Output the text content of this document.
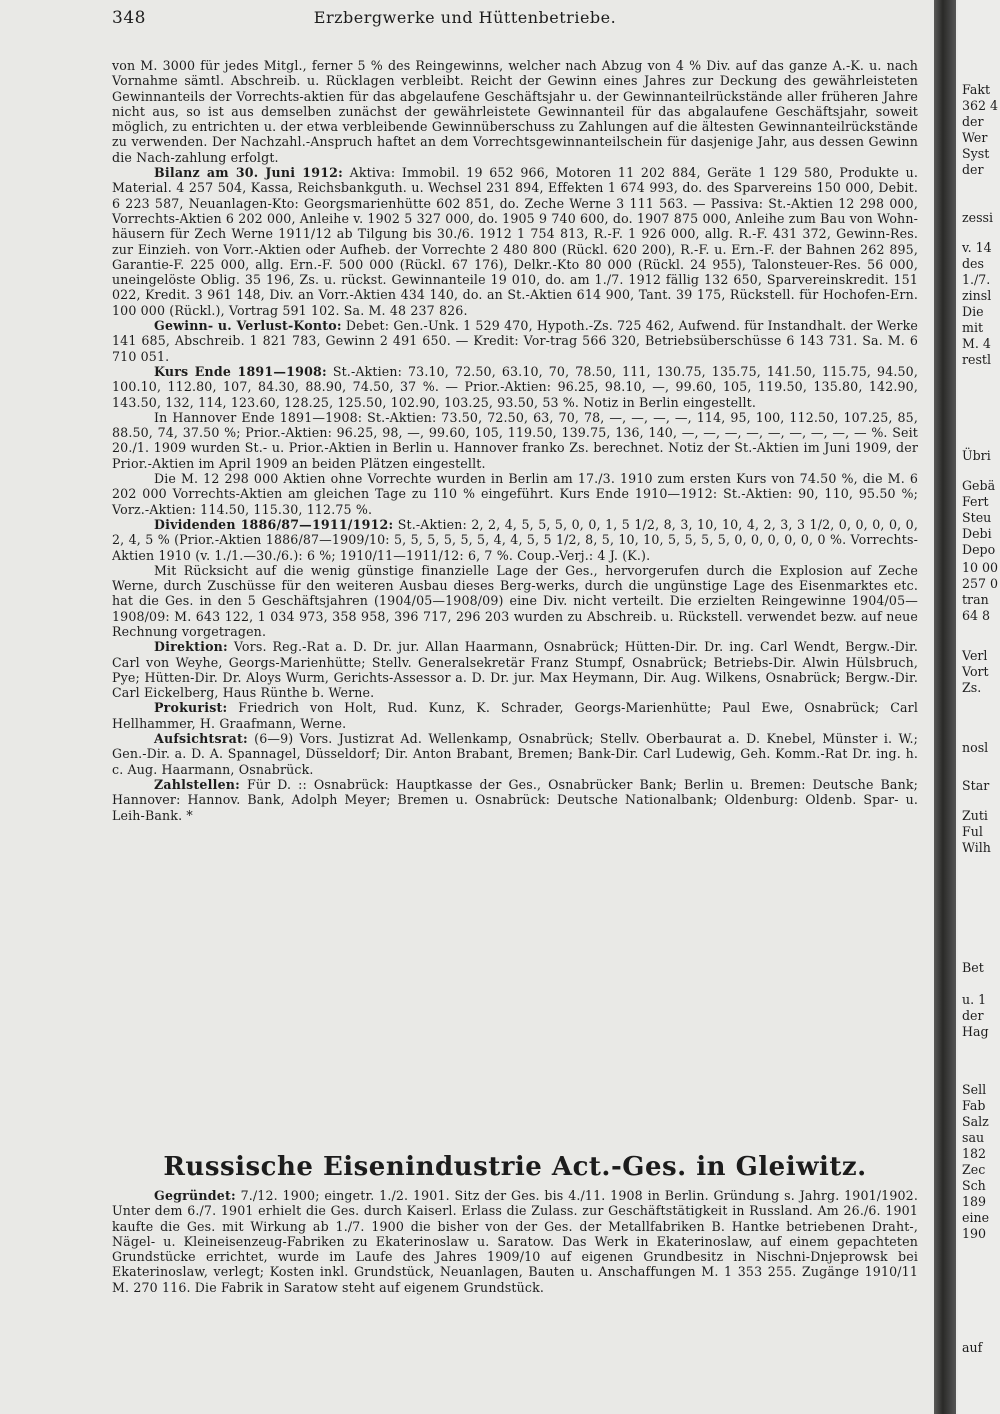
348	Erzbergwerke und Hüttenbetriebe.

von M. 3000 für jedes Mitgl., ferner 5 % des Reingewinns, welcher nach Abzug von 4 % Div. auf das ganze A.-K. u. nach Vornahme sämtl. Abschreib. u. Rücklagen verbleibt. Reicht der Gewinn eines Jahres zur Deckung des gewährleisteten Gewinnanteils der Vorrechts-aktien für das abgelaufene Geschäftsjahr u. der Gewinnanteilrückstände aller früheren Jahre nicht aus, so ist aus demselben zunächst der gewährleistete Gewinnanteil für das abgalaufene Geschäftsjahr, soweit möglich, zu entrichten u. der etwa verbleibende Gewinnüberschuss zu Zahlungen auf die ältesten Gewinnanteilrückstände zu verwenden. Der Nachzahl.-Anspruch haftet an dem Vorrechtsgewinnanteilschein für dasjenige Jahr, aus dessen Gewinn die Nach-zahlung erfolgt.

Bilanz am 30. Juni 1912: Aktiva: Immobil. 19 652 966, Motoren 11 202 884, Geräte 1 129 580, Produkte u. Material. 4 257 504, Kassa, Reichsbankguth. u. Wechsel 231 894, Effekten 1 674 993, do. des Sparvereins 150 000, Debit. 6 223 587, Neuanlagen-Kto: Georgsmarienhütte 602 851, do. Zeche Werne 3 111 563. — Passiva: St.-Aktien 12 298 000, Vorrechts-Aktien 6 202 000, Anleihe v. 1902 5 327 000, do. 1905 9 740 600, do. 1907 875 000, Anleihe zum Bau von Wohn-häusern für Zech Werne 1911/12 ab Tilgung bis 30./6. 1912 1 754 813, R.-F. 1 926 000, allg. R.-F. 431 372, Gewinn-Res. zur Einzieh. von Vorr.-Aktien oder Aufheb. der Vorrechte 2 480 800 (Rückl. 620 200), R.-F. u. Ern.-F. der Bahnen 262 895, Garantie-F. 225 000, allg. Ern.-F. 500 000 (Rückl. 67 176), Delkr.-Kto 80 000 (Rückl. 24 955), Talonsteuer-Res. 56 000, uneingelöste Oblig. 35 196, Zs. u. rückst. Gewinnanteile 19 010, do. am 1./7. 1912 fällig 132 650, Sparvereinskredit. 151 022, Kredit. 3 961 148, Div. an Vorr.-Aktien 434 140, do. an St.-Aktien 614 900, Tant. 39 175, Rückstell. für Hochofen-Ern. 100 000 (Rückl.), Vortrag 591 102. Sa. M. 48 237 826.

Gewinn- u. Verlust-Konto: Debet: Gen.-Unk. 1 529 470, Hypoth.-Zs. 725 462, Aufwend. für Instandhalt. der Werke 141 685, Abschreib. 1 821 783, Gewinn 2 491 650. — Kredit: Vor-trag 566 320, Betriebsüberschüsse 6 143 731. Sa. M. 6 710 051.

Kurs Ende 1891—1908: St.-Aktien: 73.10, 72.50, 63.10, 70, 78.50, 111, 130.75, 135.75, 141.50, 115.75, 94.50, 100.10, 112.80, 107, 84.30, 88.90, 74.50, 37 %. — Prior.-Aktien: 96.25, 98.10, —, 99.60, 105, 119.50, 135.80, 142.90, 143.50, 132, 114, 123.60, 128.25, 125.50, 102.90, 103.25, 93.50, 53 %. Notiz in Berlin eingestellt.

In Hannover Ende 1891—1908: St.-Aktien: 73.50, 72.50, 63, 70, 78, —, —, —, —, 114, 95, 100, 112.50, 107.25, 85, 88.50, 74, 37.50 %; Prior.-Aktien: 96.25, 98, —, 99.60, 105, 119.50, 139.75, 136, 140, —, —, —, —, —, —, —, —, — %. Seit 20./1. 1909 wurden St.- u. Prior.-Aktien in Berlin u. Hannover franko Zs. berechnet. Notiz der St.-Aktien im Juni 1909, der Prior.-Aktien im April 1909 an beiden Plätzen eingestellt.

Die M. 12 298 000 Aktien ohne Vorrechte wurden in Berlin am 17./3. 1910 zum ersten Kurs von 74.50 %, die M. 6 202 000 Vorrechts-Aktien am gleichen Tage zu 110 % eingeführt. Kurs Ende 1910—1912: St.-Aktien: 90, 110, 95.50 %; Vorz.-Aktien: 114.50, 115.30, 112.75 %.

Dividenden 1886/87—1911/1912: St.-Aktien: 2, 2, 4, 5, 5, 5, 0, 0, 1, 5 1/2, 8, 3, 10, 10, 4, 2, 3, 3 1/2, 0, 0, 0, 0, 0, 2, 4, 5 % (Prior.-Aktien 1886/87—1909/10: 5, 5, 5, 5, 5, 5, 4, 4, 5, 5 1/2, 8, 5, 10, 10, 5, 5, 5, 5, 0, 0, 0, 0, 0, 0 %. Vorrechts-Aktien 1910 (v. 1./1.—30./6.): 6 %; 1910/11—1911/12: 6, 7 %. Coup.-Verj.: 4 J. (K.).

Mit Rücksicht auf die wenig günstige finanzielle Lage der Ges., hervorgerufen durch die Explosion auf Zeche Werne, durch Zuschüsse für den weiteren Ausbau dieses Berg-werks, durch die ungünstige Lage des Eisenmarktes etc. hat die Ges. in den 5 Geschäftsjahren (1904/05—1908/09) eine Div. nicht verteilt. Die erzielten Reingewinne 1904/05—1908/09: M. 643 122, 1 034 973, 358 958, 396 717, 296 203 wurden zu Abschreib. u. Rückstell. verwendet bezw. auf neue Rechnung vorgetragen.

Direktion: Vors. Reg.-Rat a. D. Dr. jur. Allan Haarmann, Osnabrück; Hütten-Dir. Dr. ing. Carl Wendt, Bergw.-Dir. Carl von Weyhe, Georgs-Marienhütte; Stellv. Generalsekretär Franz Stumpf, Osnabrück; Betriebs-Dir. Alwin Hülsbruch, Pye; Hütten-Dir. Dr. Aloys Wurm, Gerichts-Assessor a. D. Dr. jur. Max Heymann, Dir. Aug. Wilkens, Osnabrück; Bergw.-Dir. Carl Eickelberg, Haus Rünthe b. Werne.

Prokurist: Friedrich von Holt, Rud. Kunz, K. Schrader, Georgs-Marienhütte; Paul Ewe, Osnabrück; Carl Hellhammer, H. Graafmann, Werne.

Aufsichtsrat: (6—9) Vors. Justizrat Ad. Wellenkamp, Osnabrück; Stellv. Oberbaurat a. D. Knebel, Münster i. W.; Gen.-Dir. a. D. A. Spannagel, Düsseldorf; Dir. Anton Brabant, Bremen; Bank-Dir. Carl Ludewig, Geh. Komm.-Rat Dr. ing. h. c. Aug. Haarmann, Osnabrück.

Zahlstellen: Für D. :: Osnabrück: Hauptkasse der Ges., Osnabrücker Bank; Berlin u. Bremen: Deutsche Bank; Hannover: Hannov. Bank, Adolph Meyer; Bremen u. Osnabrück: Deutsche Nationalbank; Oldenburg: Oldenb. Spar- u. Leih-Bank. *

Russische Eisenindustrie Act.-Ges. in Gleiwitz.

Gegründet: 7./12. 1900; eingetr. 1./2. 1901. Sitz der Ges. bis 4./11. 1908 in Berlin. Gründung s. Jahrg. 1901/1902. Unter dem 6./7. 1901 erhielt die Ges. durch Kaiserl. Erlass die Zulass. zur Geschäftstätigkeit in Russland. Am 26./6. 1901 kaufte die Ges. mit Wirkung ab 1./7. 1900 die bisher von der Ges. der Metallfabriken B. Hantke betriebenen Draht-, Nägel- u. Kleineisenzeug-Fabriken zu Ekaterinoslaw u. Saratow. Das Werk in Ekaterinoslaw, auf einem gepachteten Grundstücke errichtet, wurde im Laufe des Jahres 1909/10 auf eigenen Grundbesitz in Nischni-Dnjeprowsk bei Ekaterinoslaw, verlegt; Kosten inkl. Grundstück, Neuanlagen, Bauten u. Anschaffungen M. 1 353 255. Zugänge 1910/11 M. 270 116. Die Fabrik in Saratow steht auf eigenem Grundstück.

Fakt
362 4
der
Wer
Syst
der
zessi
v. 14
des
1./7.
zinsl
Die
mit
M. 4
restl
Übri
Gebä
Fert
Steu
Debi
Depo
10 00
257 0
tran
64 8
Verl
Vort
Zs.
nosl
Star
Zuti
Ful
Wilh
Bet
u. 1
der
Hag
Sell
Fab
Salz
sau
182
Zec
Sch
189
eine
190
auf
